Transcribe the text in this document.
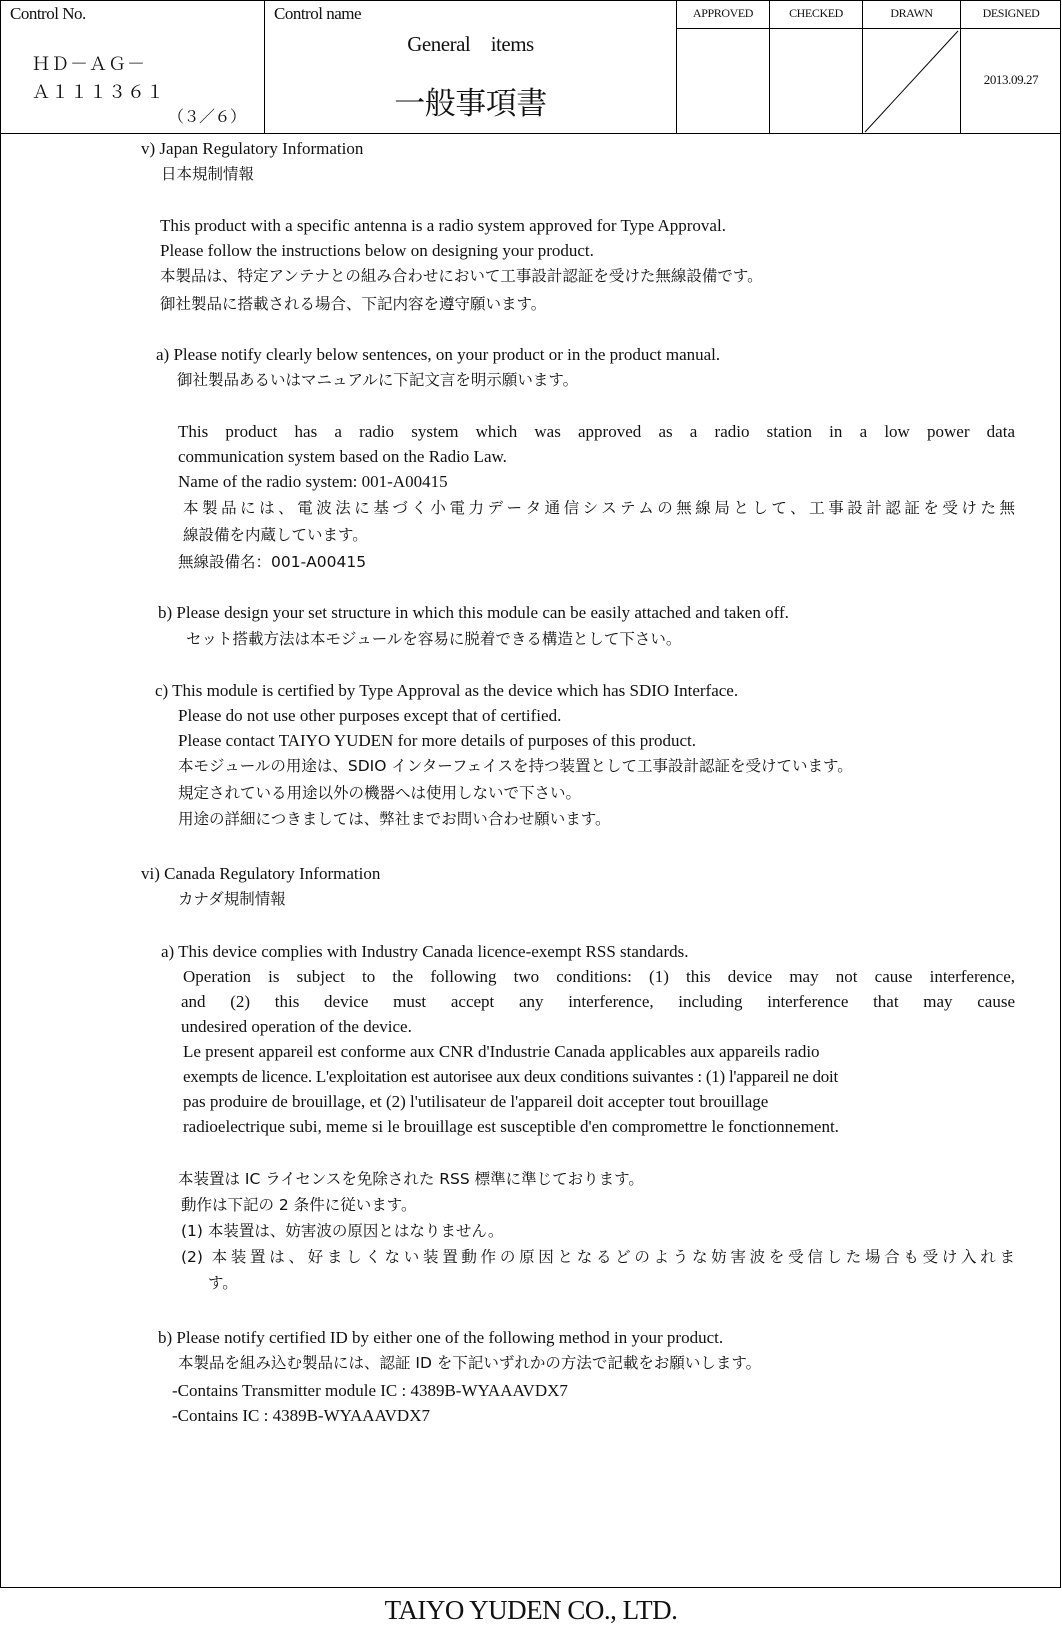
Control No.
ＨＤ－ＡＧ－
Ａ１１１３６１
（３／６）
Control name
General　items
一般事項書
APPROVED	CHECKED	DRAWN	DESIGNED
2013.09.27
v) Japan Regulatory Information
日本規制情報
This product with a specific antenna is a radio system approved for Type Approval.
Please follow the instructions below on designing your product.
本製品は、特定アンテナとの組み合わせにおいて工事設計認証を受けた無線設備です。
御社製品に搭載される場合、下記内容を遵守願います。
a) Please notify clearly below sentences, on your product or in the product manual.
御社製品あるいはマニュアルに下記文言を明示願います。
This product has a radio system which was approved as a radio station in a low power data
communication system based on the Radio Law.
Name of the radio system: 001-A00415
本製品には、電波法に基づく小電力データ通信システムの無線局として、工事設計認証を受けた無
線設備を内蔵しています。
無線設備名：001-A00415
b) Please design your set structure in which this module can be easily attached and taken off.
セット搭載方法は本モジュールを容易に脱着できる構造として下さい。
c) This module is certified by Type Approval as the device which has SDIO Interface.
Please do not use other purposes except that of certified.
Please contact TAIYO YUDEN for more details of purposes of this product.
本モジュールの用途は、SDIO インターフェイスを持つ装置として工事設計認証を受けています。
規定されている用途以外の機器へは使用しないで下さい。
用途の詳細につきましては、弊社までお問い合わせ願います。
vi) Canada Regulatory Information
カナダ規制情報
a) This device complies with Industry Canada licence-exempt RSS standards.
Operation is subject to the following two conditions: (1) this device may not cause interference,
and (2) this device must accept any interference, including interference that may cause
undesired operation of the device.
Le present appareil est conforme aux CNR d'Industrie Canada applicables aux appareils radio
exempts de licence. L'exploitation est autorisee aux deux conditions suivantes : (1) l'appareil ne doit
pas produire de brouillage, et (2) l'utilisateur de l'appareil doit accepter tout brouillage
radioelectrique subi, meme si le brouillage est susceptible d'en compromettre le fonctionnement.
本装置は IC ライセンスを免除された RSS 標準に準じております。
動作は下記の 2 条件に従います。
(1) 本装置は、妨害波の原因とはなりません。
(2) 本装置は、好ましくない装置動作の原因となるどのような妨害波を受信した場合も受け入れま
す。
b) Please notify certified ID by either one of the following method in your product.
本製品を組み込む製品には、認証 ID を下記いずれかの方法で記載をお願いします。
-Contains Transmitter module IC : 4389B-WYAAAVDX7
-Contains IC : 4389B-WYAAAVDX7
TAIYO YUDEN CO., LTD.
